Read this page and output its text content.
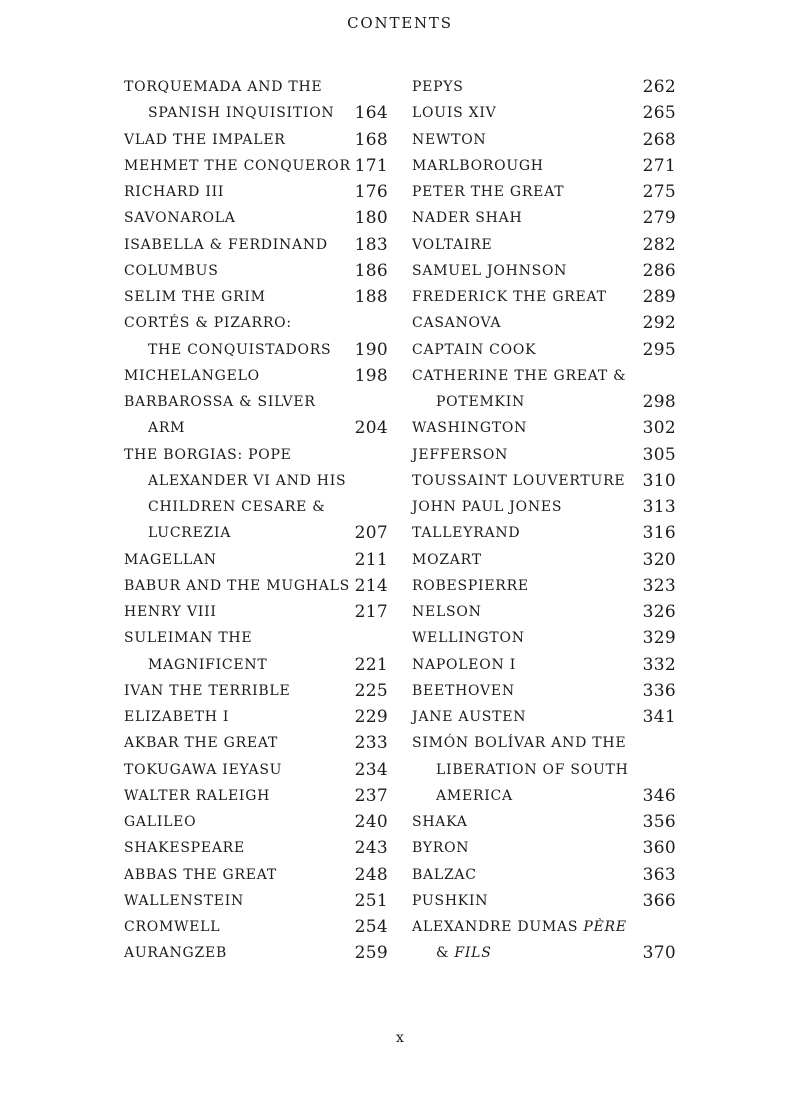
CONTENTS
TORQUEMADA AND THE
SPANISH INQUISITION 164
VLAD THE IMPALER	168
MEHMET THE CONQUEROR 171
RICHARD III	176
SAVONAROLA	180
ISABELLA & FERDINAND 183
COLUMBUS	186
SELIM THE GRIM	188
CORTÉS & PIZARRO:
THE CONQUISTADORS 190
MICHELANGELO	198
BARBAROSSA & SILVER
ARM	204
THE BORGIAS: POPE
ALEXANDER VI AND HIS
CHILDREN CESARE &
LUCREZIA	207
MAGELLAN	211
BABUR AND THE MUGHALS 214
HENRY VIII	217
SULEIMAN THE
MAGNIFICENT	221
IVAN THE TERRIBLE	225
ELIZABETH I	229
AKBAR THE GREAT	233
TOKUGAWA IEYASU	234
WALTER RALEIGH	237
GALILEO	240
SHAKESPEARE	243
ABBAS THE GREAT	248
WALLENSTEIN	251
CROMWELL	254
AURANGZEB	259
PEPYS	262
LOUIS XIV	265
NEWTON	268
MARLBOROUGH	271
PETER THE GREAT	275
NADER SHAH	279
VOLTAIRE	282
SAMUEL JOHNSON	286
FREDERICK THE GREAT 289
CASANOVA	292
CAPTAIN COOK	295
CATHERINE THE GREAT &
POTEMKIN	298
WASHINGTON	302
JEFFERSON	305
TOUSSAINT LOUVERTURE 310
JOHN PAUL JONES	313
TALLEYRAND	316
MOZART	320
ROBESPIERRE	323
NELSON	326
WELLINGTON	329
NAPOLEON I	332
BEETHOVEN	336
JANE AUSTEN	341
SIMÓN BOLÍVAR AND THE
LIBERATION OF SOUTH
AMERICA	346
SHAKA	356
BYRON	360
BALZAC	363
PUSHKIN	366
ALEXANDRE DUMAS PÈRE
& FILS	370
x
